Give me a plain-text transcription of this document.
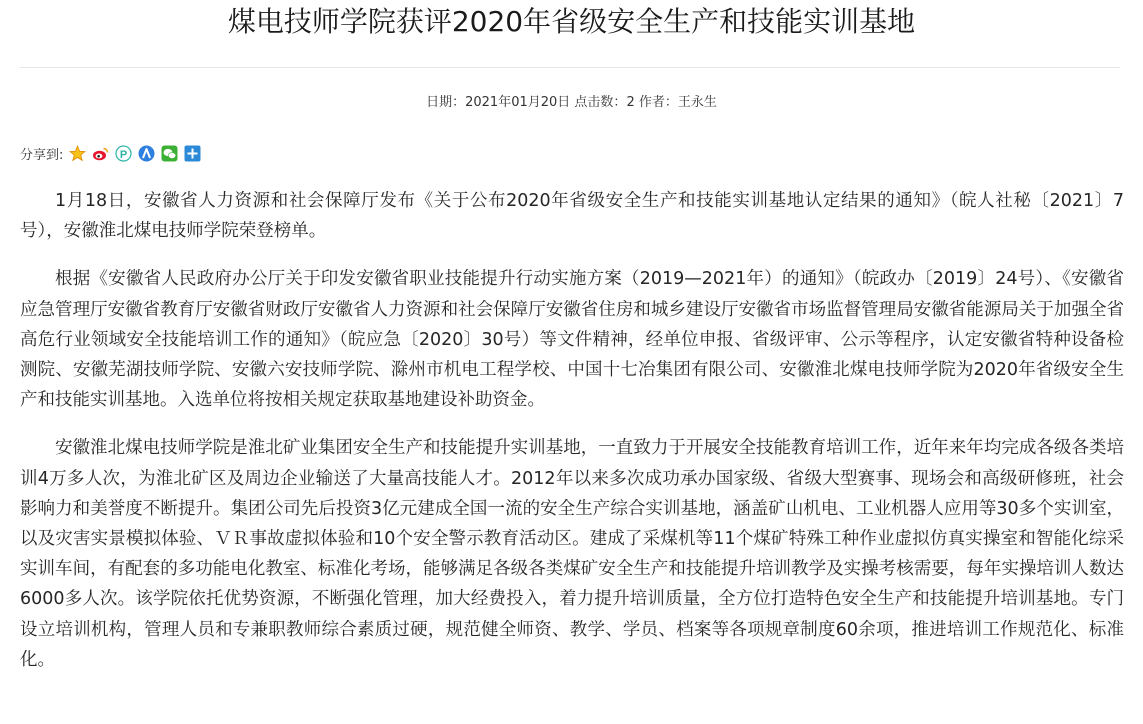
煤电技师学院获评2020年省级安全生产和技能实训基地
日期：2021年01月20日 点击数：2 作者：王永生
分享到:	P

1月18日，安徽省人力资源和社会保障厅发布《关于公布2020年省级安全生产和技能实训基地认定结果的通知》（皖人社秘〔2021〕7号），安徽淮北煤电技师学院荣登榜单。

根据《安徽省人民政府办公厅关于印发安徽省职业技能提升行动实施方案（2019—2021年）的通知》（皖政办〔2019〕24号）、《安徽省应急管理厅安徽省教育厅安徽省财政厅安徽省人力资源和社会保障厅安徽省住房和城乡建设厅安徽省市场监督管理局安徽省能源局关于加强全省高危行业领域安全技能培训工作的通知》（皖应急〔2020〕30号）等文件精神，经单位申报、省级评审、公示等程序，认定安徽省特种设备检测院、安徽芜湖技师学院、安徽六安技师学院、滁州市机电工程学校、中国十七冶集团有限公司、安徽淮北煤电技师学院为2020年省级安全生产和技能实训基地。入选单位将按相关规定获取基地建设补助资金。

安徽淮北煤电技师学院是淮北矿业集团安全生产和技能提升实训基地，一直致力于开展安全技能教育培训工作，近年来年均完成各级各类培训4万多人次，为淮北矿区及周边企业输送了大量高技能人才。2012年以来多次成功承办国家级、省级大型赛事、现场会和高级研修班，社会影响力和美誉度不断提升。集团公司先后投资3亿元建成全国一流的安全生产综合实训基地，涵盖矿山机电、工业机器人应用等30多个实训室，以及灾害实景模拟体验、ＶＲ事故虚拟体验和10个安全警示教育活动区。建成了采煤机等11个煤矿特殊工种作业虚拟仿真实操室和智能化综采实训车间，有配套的多功能电化教室、标准化考场，能够满足各级各类煤矿安全生产和技能提升培训教学及实操考核需要，每年实操培训人数达6000多人次。该学院依托优势资源，不断强化管理，加大经费投入，着力提升培训质量，全方位打造特色安全生产和技能提升培训基地。专门设立培训机构，管理人员和专兼职教师综合素质过硬，规范健全师资、教学、学员、档案等各项规章制度60余项，推进培训工作规范化、标准化。
